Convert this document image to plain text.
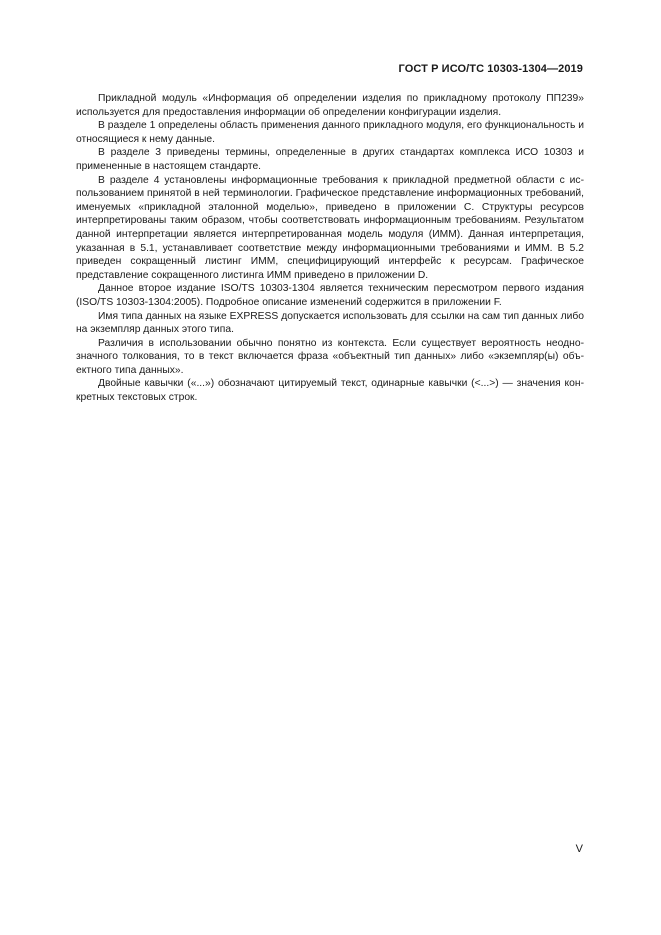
ГОСТ Р ИСО/ТС 10303-1304—2019

Прикладной модуль «Информация об определении изделия по прикладному протоколу ПП239» используется для предоставления информации об определении конфигурации изделия.

В разделе 1 определены область применения данного прикладного модуля, его функциональность и относящиеся к нему данные.

В разделе 3 приведены термины, определенные в других стандартах комплекса ИСО 10303 и примененные в настоящем стандарте.

В разделе 4 установлены информационные требования к прикладной предметной области с использованием принятой в ней терминологии. Графическое представление информационных требований, именуемых «прикладной эталонной моделью», приведено в приложении С. Структуры ресурсов интерпретированы таким образом, чтобы соответствовать информационным требованиям. Результатом данной интерпретации является интерпретированная модель модуля (ИММ). Данная интерпретация, указанная в 5.1, устанавливает соответствие между информационными требованиями и ИММ. В 5.2 приведен сокращенный листинг ИММ, специфицирующий интерфейс к ресурсам. Графическое представление сокращенного листинга ИММ приведено в приложении D.

Данное второе издание ISO/TS 10303-1304 является техническим пересмотром первого издания (ISO/TS 10303-1304:2005). Подробное описание изменений содержится в приложении F.

Имя типа данных на языке EXPRESS допускается использовать для ссылки на сам тип данных либо на экземпляр данных этого типа.

Различия в использовании обычно понятно из контекста. Если существует вероятность неоднозначного толкования, то в текст включается фраза «объектный тип данных» либо «экземпляр(ы) объектного типа данных».

Двойные кавычки («...») обозначают цитируемый текст, одинарные кавычки (<...>) — значения конкретных текстовых строк.

V
